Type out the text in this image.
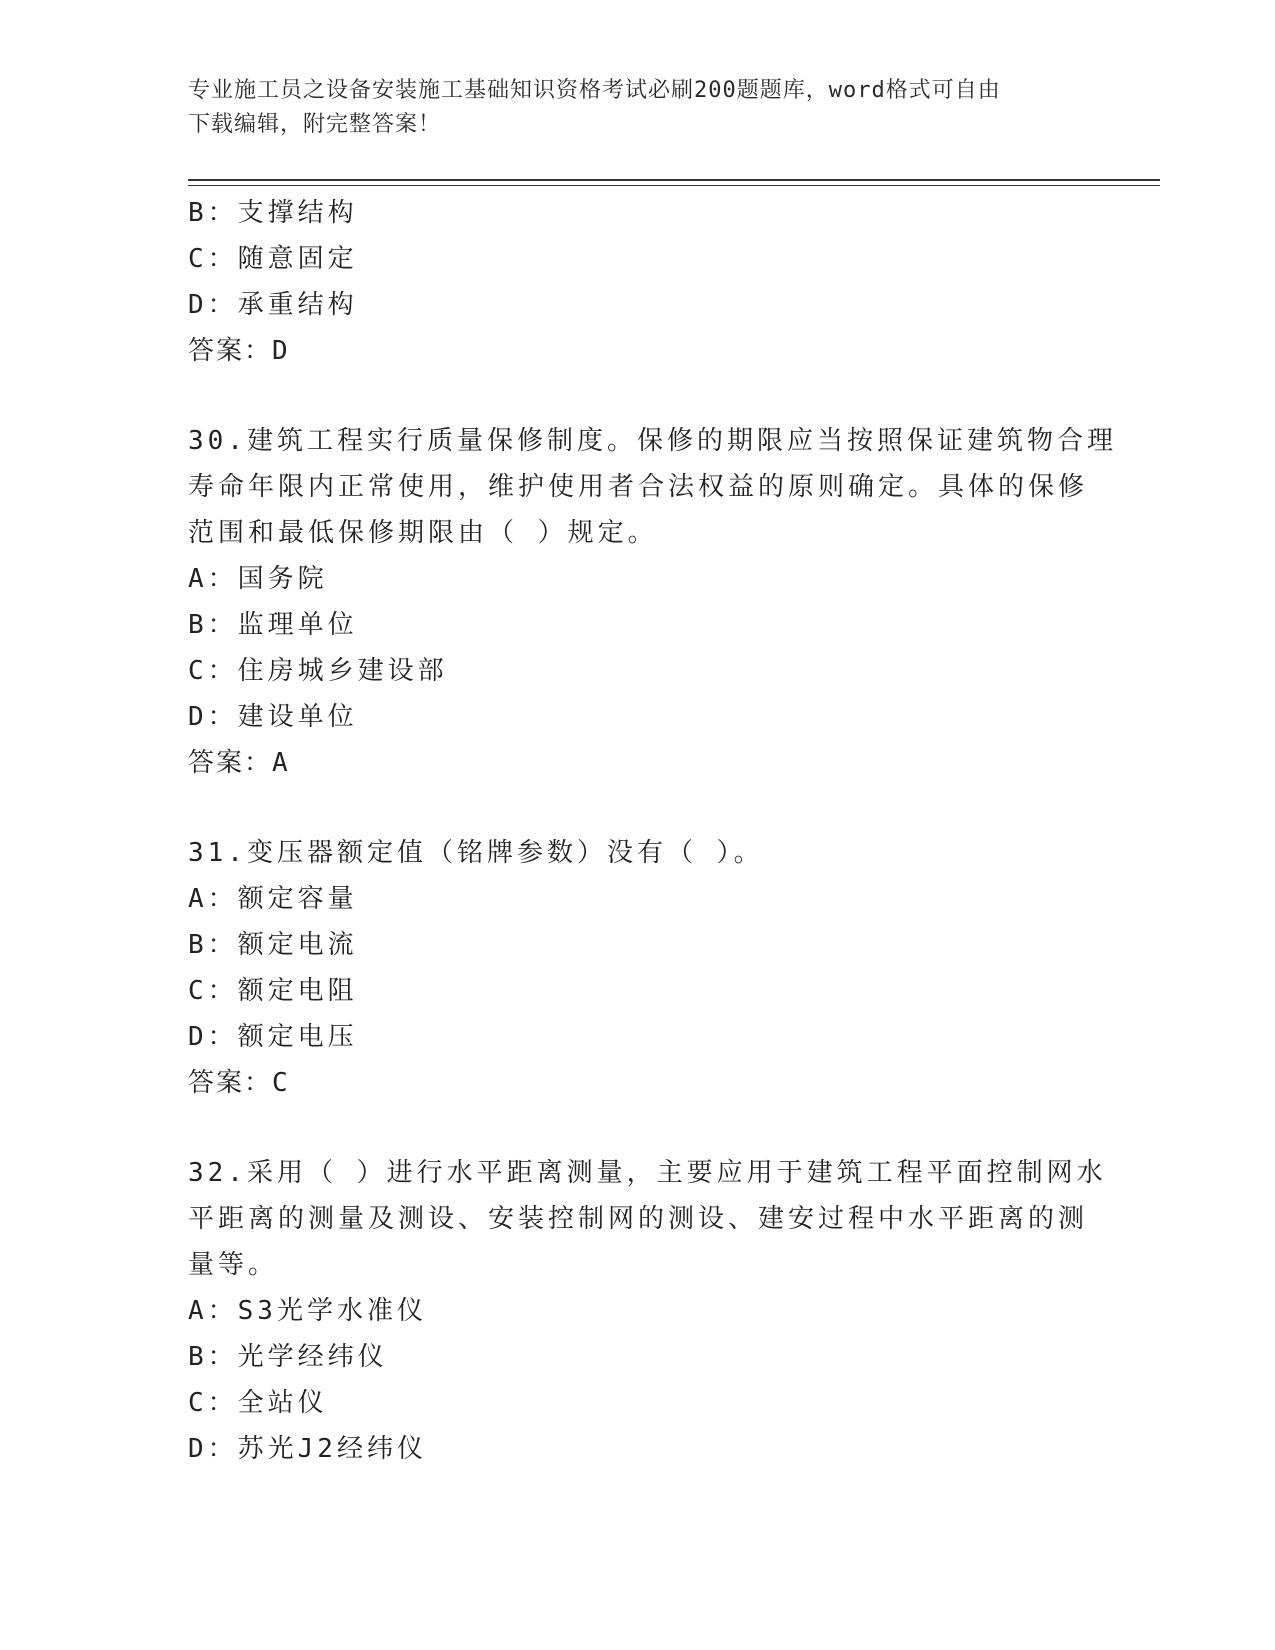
专业施工员之设备安装施工基础知识资格考试必刷200题题库，word格式可自由
下载编辑，附完整答案！
B：支撑结构
C：随意固定
D：承重结构
答案：D
30.建筑工程实行质量保修制度。保修的期限应当按照保证建筑物合理
寿命年限内正常使用，维护使用者合法权益的原则确定。具体的保修
范围和最低保修期限由（ ）规定。
A：国务院
B：监理单位
C：住房城乡建设部
D：建设单位
答案：A
31.变压器额定值（铭牌参数）没有（ ）。
A：额定容量
B：额定电流
C：额定电阻
D：额定电压
答案：C
32.采用（ ）进行水平距离测量，主要应用于建筑工程平面控制网水
平距离的测量及测设、安装控制网的测设、建安过程中水平距离的测
量等。
A：S3光学水准仪
B：光学经纬仪
C：全站仪
D：苏光J2经纬仪
